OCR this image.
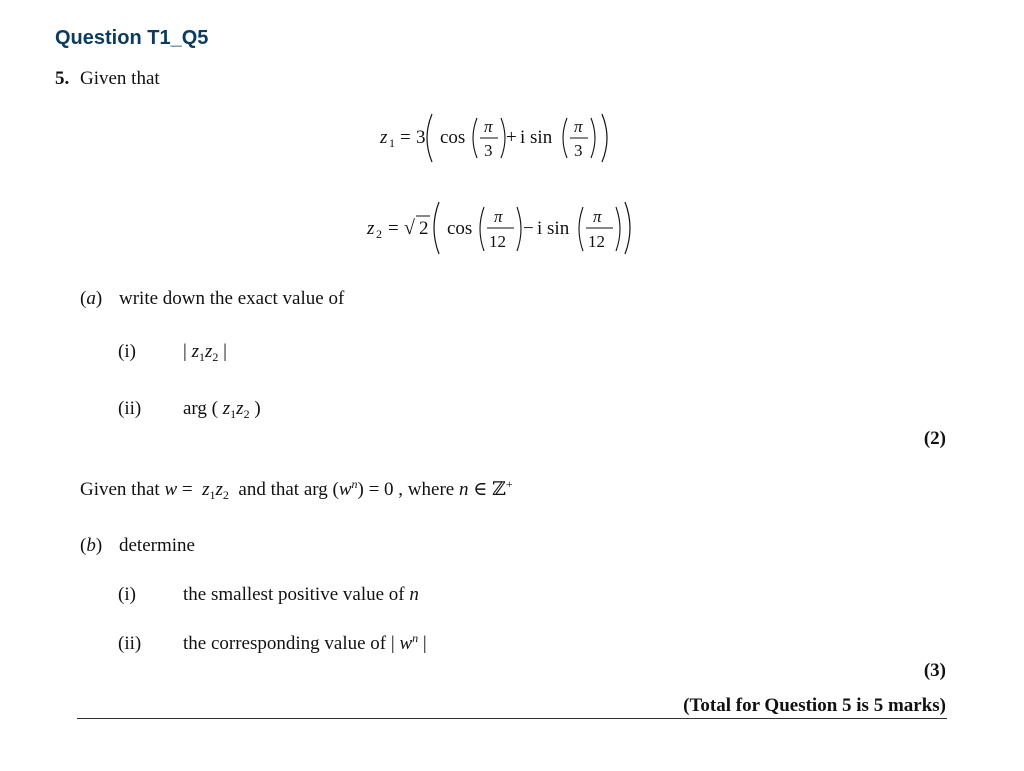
Question T1_Q5
5. Given that
z 1 = 3 cos
π
3
+ i sin
π
3
z 2 = √ 2 cos
π
12
− i sin
π
12
(a) write down the exact value of
(i) | $z_1z_2$ |
(ii) arg ( $z_1z_2$ )
(2)
Given that $w = z_1z_2$ and that arg $(w^n) = 0$ , where n ∈ ℤ+
(b) determine
(i) the smallest positive value of n
(ii) the corresponding value of | $w^n$ |
(3)
(Total for Question 5 is 5 marks)
